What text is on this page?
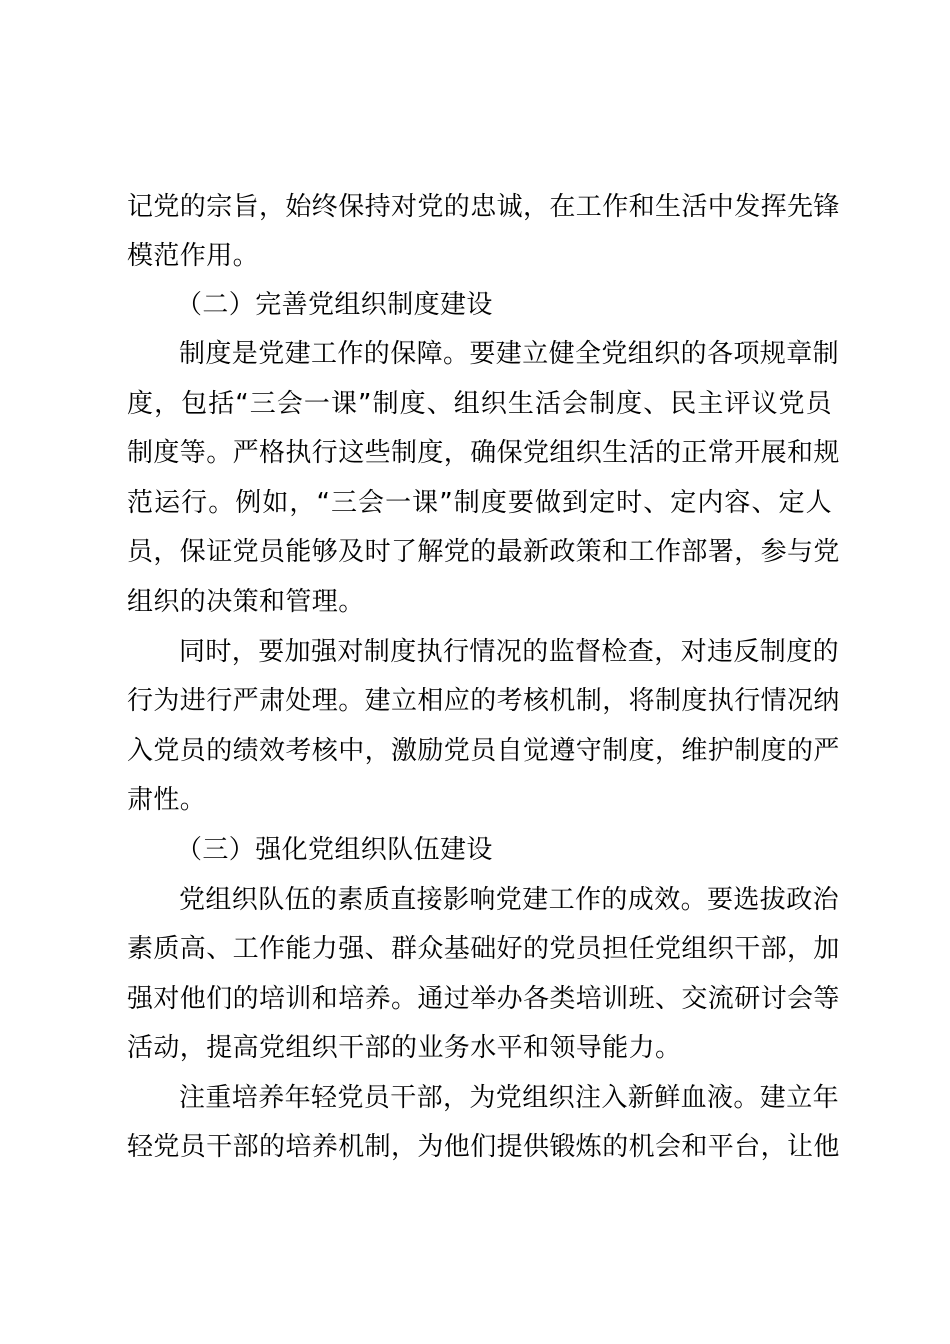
记党的宗旨，始终保持对党的忠诚，在工作和生活中发挥先锋
模范作用。
（二）完善党组织制度建设
制度是党建工作的保障。要建立健全党组织的各项规章制
度，包括“三会一课”制度、组织生活会制度、民主评议党员
制度等。严格执行这些制度，确保党组织生活的正常开展和规
范运行。例如，“三会一课”制度要做到定时、定内容、定人
员，保证党员能够及时了解党的最新政策和工作部署，参与党
组织的决策和管理。
同时，要加强对制度执行情况的监督检查，对违反制度的
行为进行严肃处理。建立相应的考核机制，将制度执行情况纳
入党员的绩效考核中，激励党员自觉遵守制度，维护制度的严
肃性。
（三）强化党组织队伍建设
党组织队伍的素质直接影响党建工作的成效。要选拔政治
素质高、工作能力强、群众基础好的党员担任党组织干部，加
强对他们的培训和培养。通过举办各类培训班、交流研讨会等
活动，提高党组织干部的业务水平和领导能力。
注重培养年轻党员干部，为党组织注入新鲜血液。建立年
轻党员干部的培养机制，为他们提供锻炼的机会和平台，让他
